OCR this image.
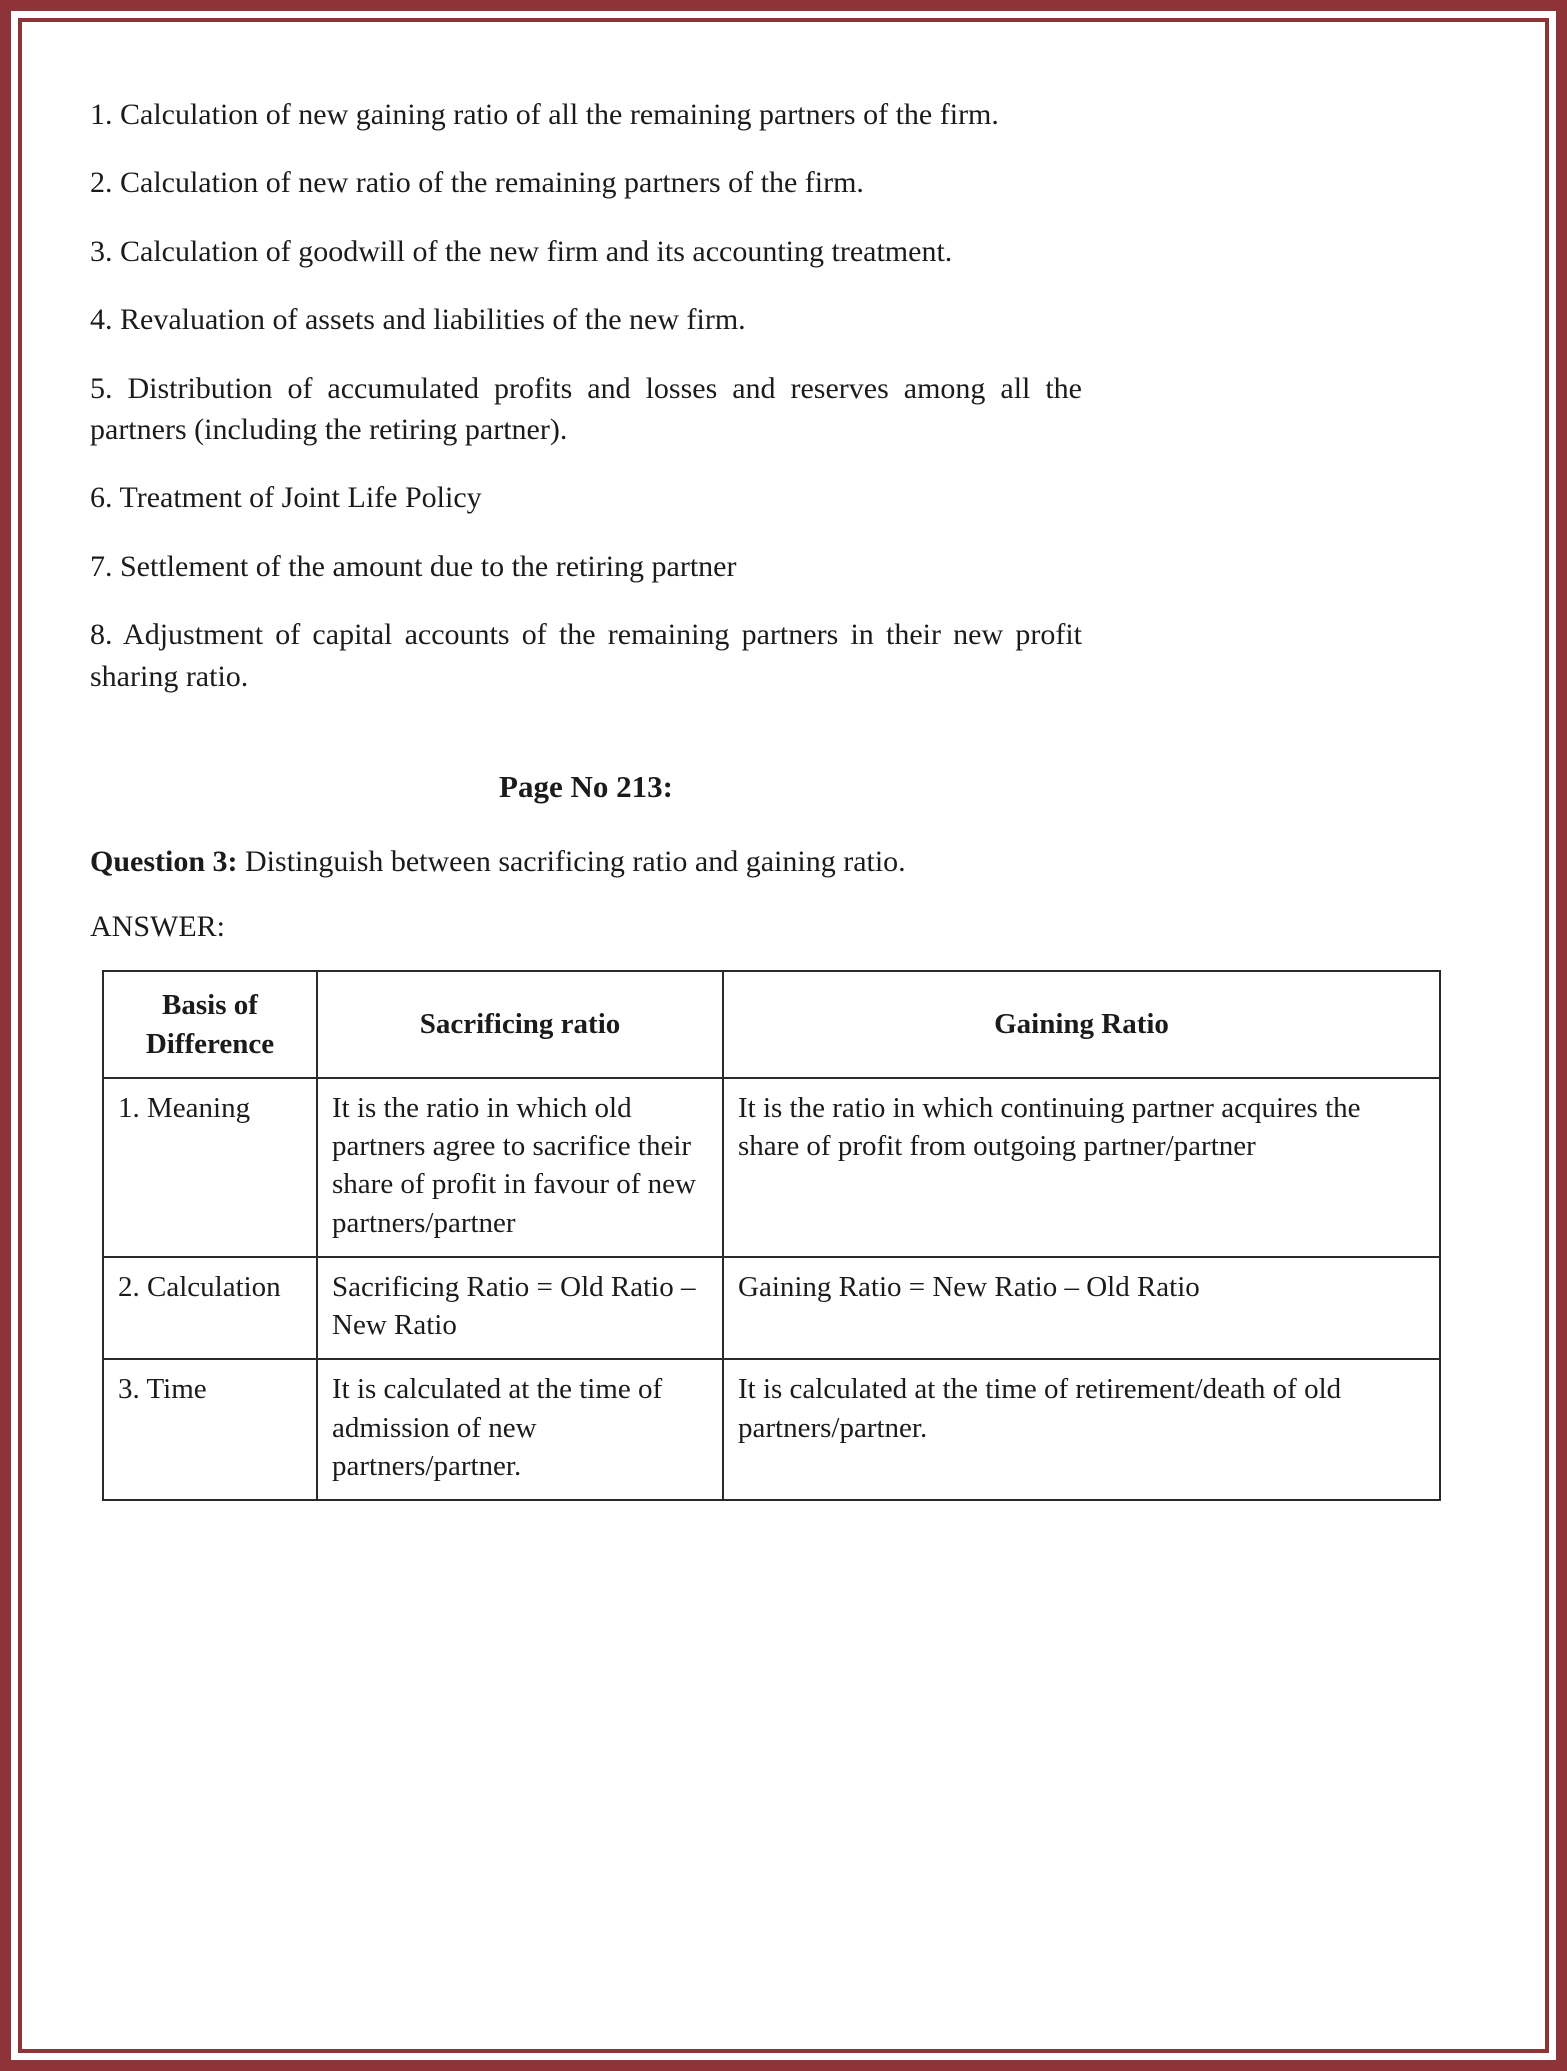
1. Calculation of new gaining ratio of all the remaining partners of the firm.

2. Calculation of new ratio of the remaining partners of the firm.

3. Calculation of goodwill of the new firm and its accounting treatment.

4. Revaluation of assets and liabilities of the new firm.

5. Distribution of accumulated profits and losses and reserves among all the partners (including the retiring partner).

6. Treatment of Joint Life Policy

7. Settlement of the amount due to the retiring partner

8. Adjustment of capital accounts of the remaining partners in their new profit sharing ratio.

Page No 213:

Question 3: Distinguish between sacrificing ratio and gaining ratio.

ANSWER:

Basis of Difference	Sacrificing ratio	Gaining Ratio
1. Meaning	It is the ratio in which old partners agree to sacrifice their share of profit in favour of new partners/partner	It is the ratio in which continuing partner acquires the share of profit from outgoing partner/partner
2. Calculation	Sacrificing Ratio = Old Ratio – New Ratio	Gaining Ratio = New Ratio – Old Ratio
3. Time	It is calculated at the time of admission of new partners/partner.	It is calculated at the time of retirement/death of old partners/partner.
